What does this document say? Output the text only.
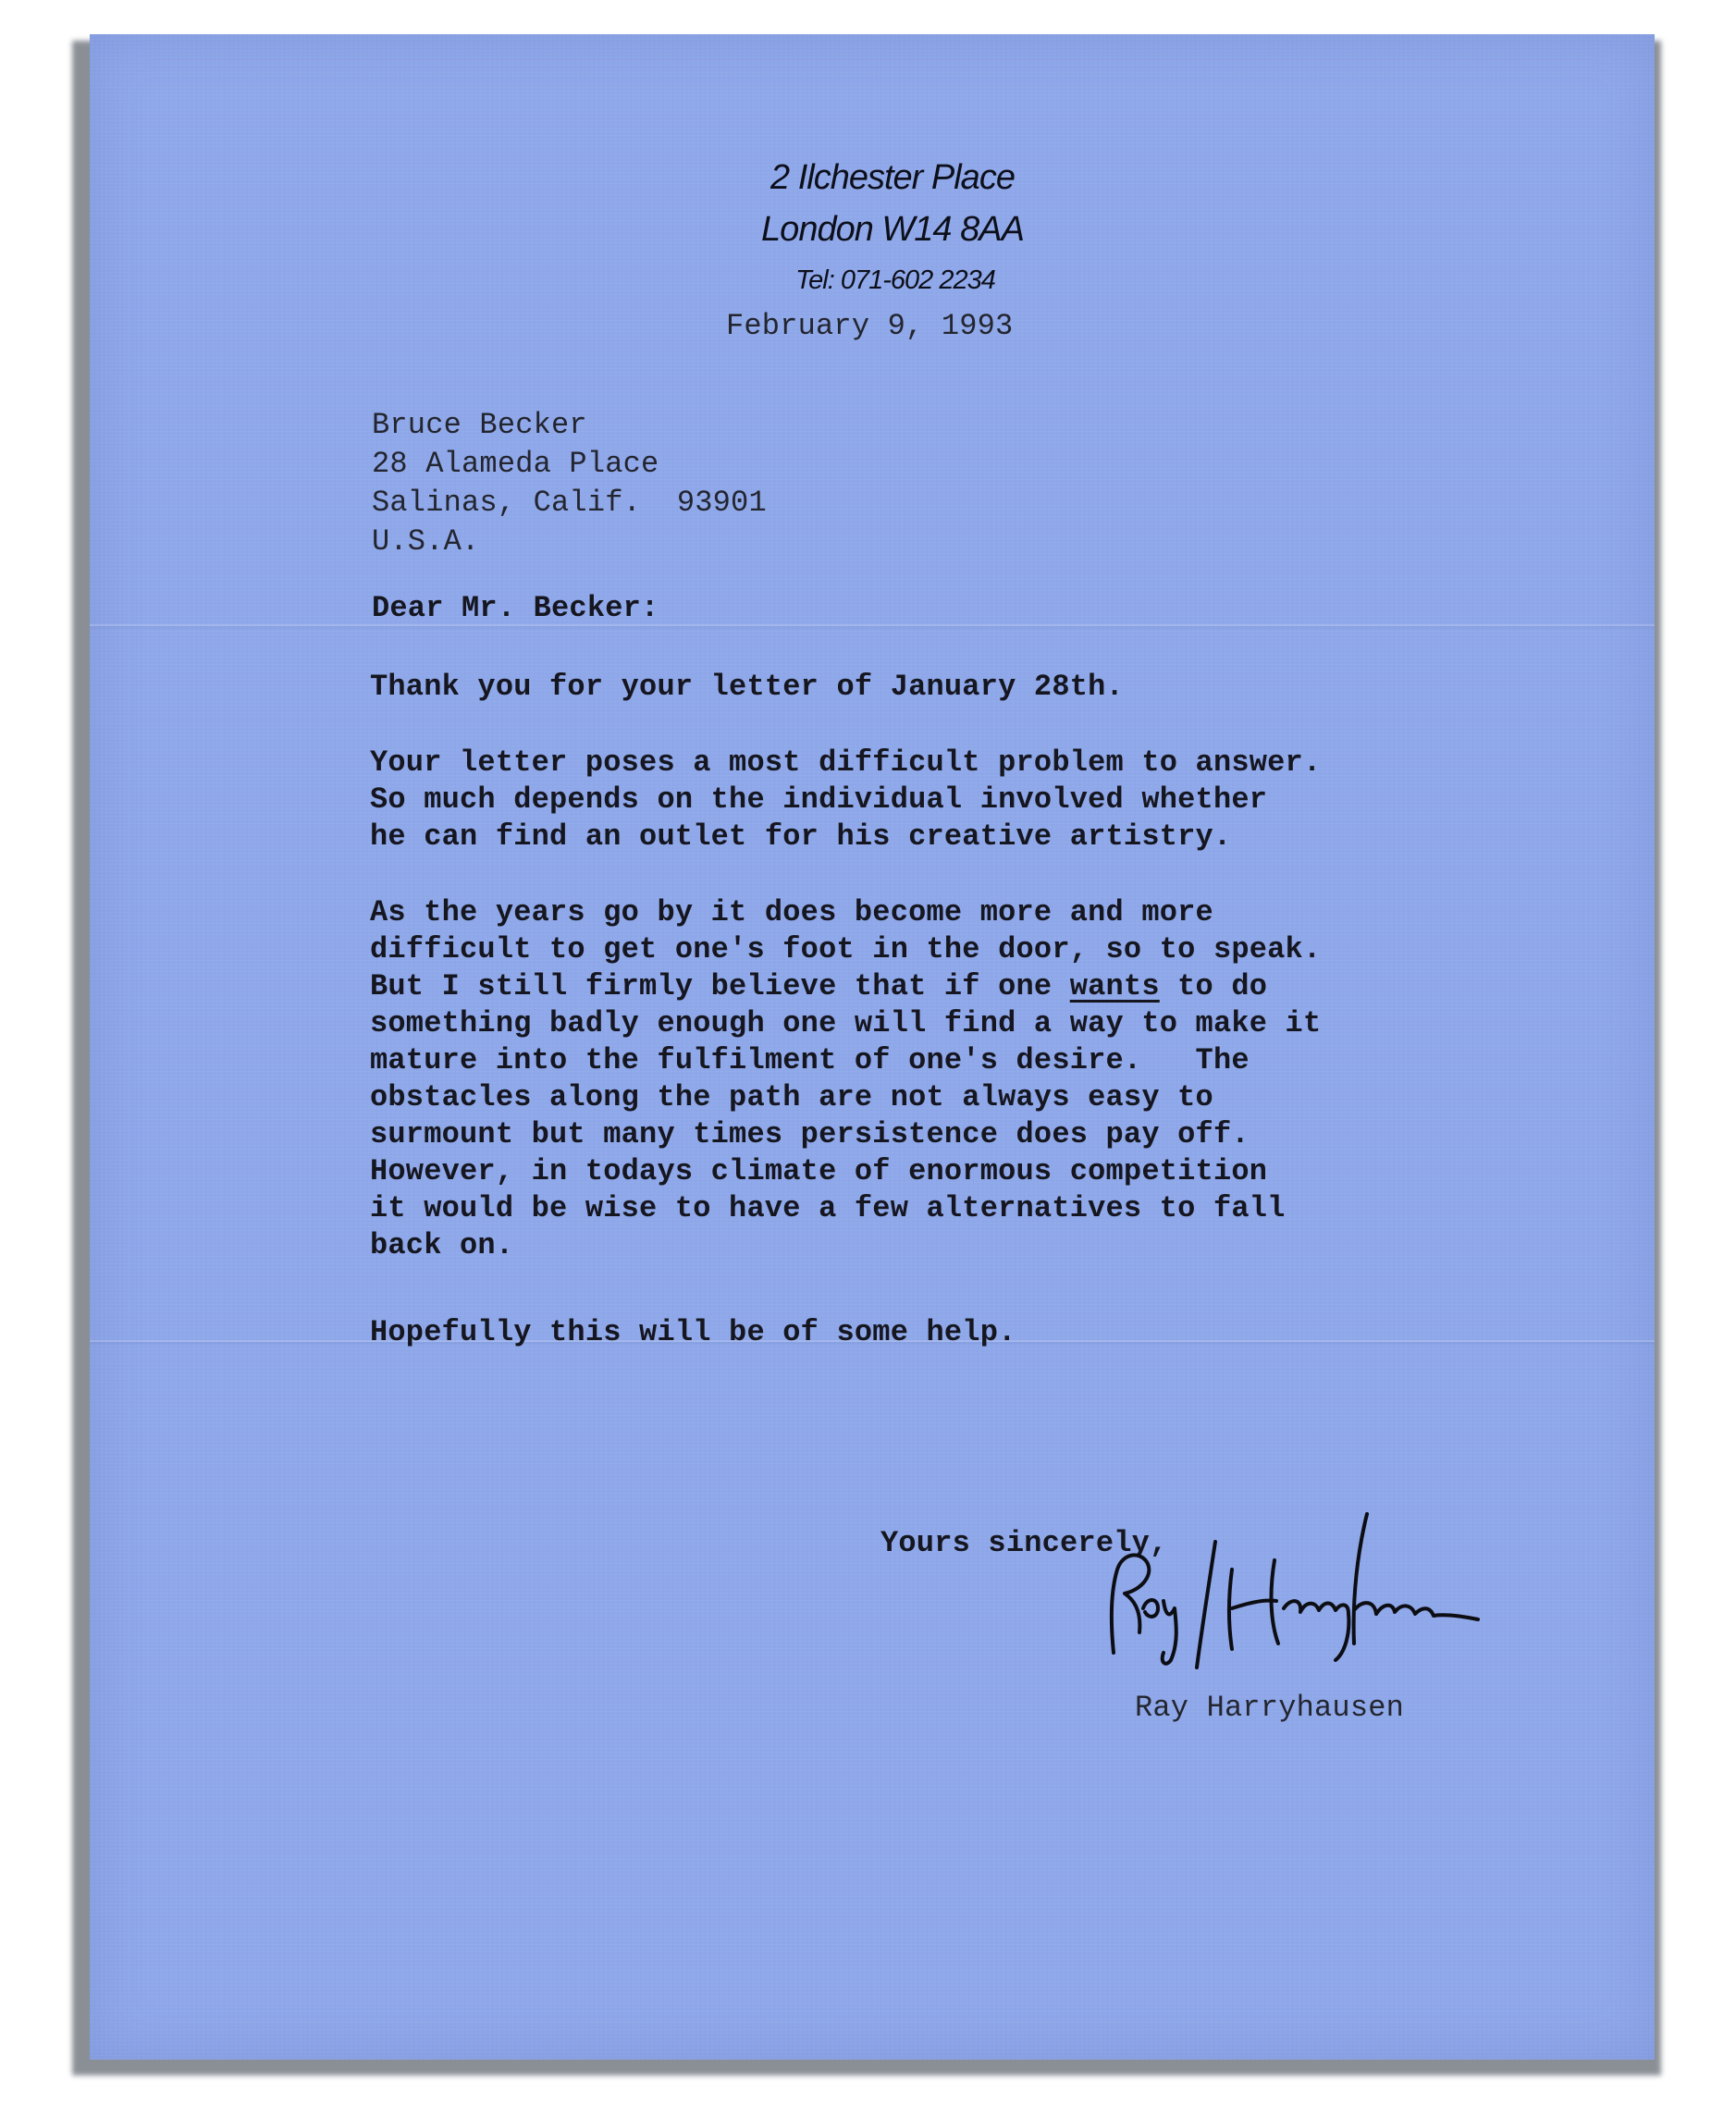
2 Ilchester Place
London W14 8AA
Tel: 071-602 2234
February 9, 1993
Bruce Becker
28 Alameda Place
Salinas, Calif.  93901
U.S.A.
Dear Mr. Becker:
Thank you for your letter of January 28th.
Your letter poses a most difficult problem to answer.
So much depends on the individual involved whether
he can find an outlet for his creative artistry.
As the years go by it does become more and more
difficult to get one's foot in the door, so to speak.
But I still firmly believe that if one wants to do
something badly enough one will find a way to make it
mature into the fulfilment of one's desire.   The
obstacles along the path are not always easy to
surmount but many times persistence does pay off.
However, in todays climate of enormous competition
it would be wise to have a few alternatives to fall
back on.
Hopefully this will be of some help.
Yours sincerely,
Ray Harryhausen
